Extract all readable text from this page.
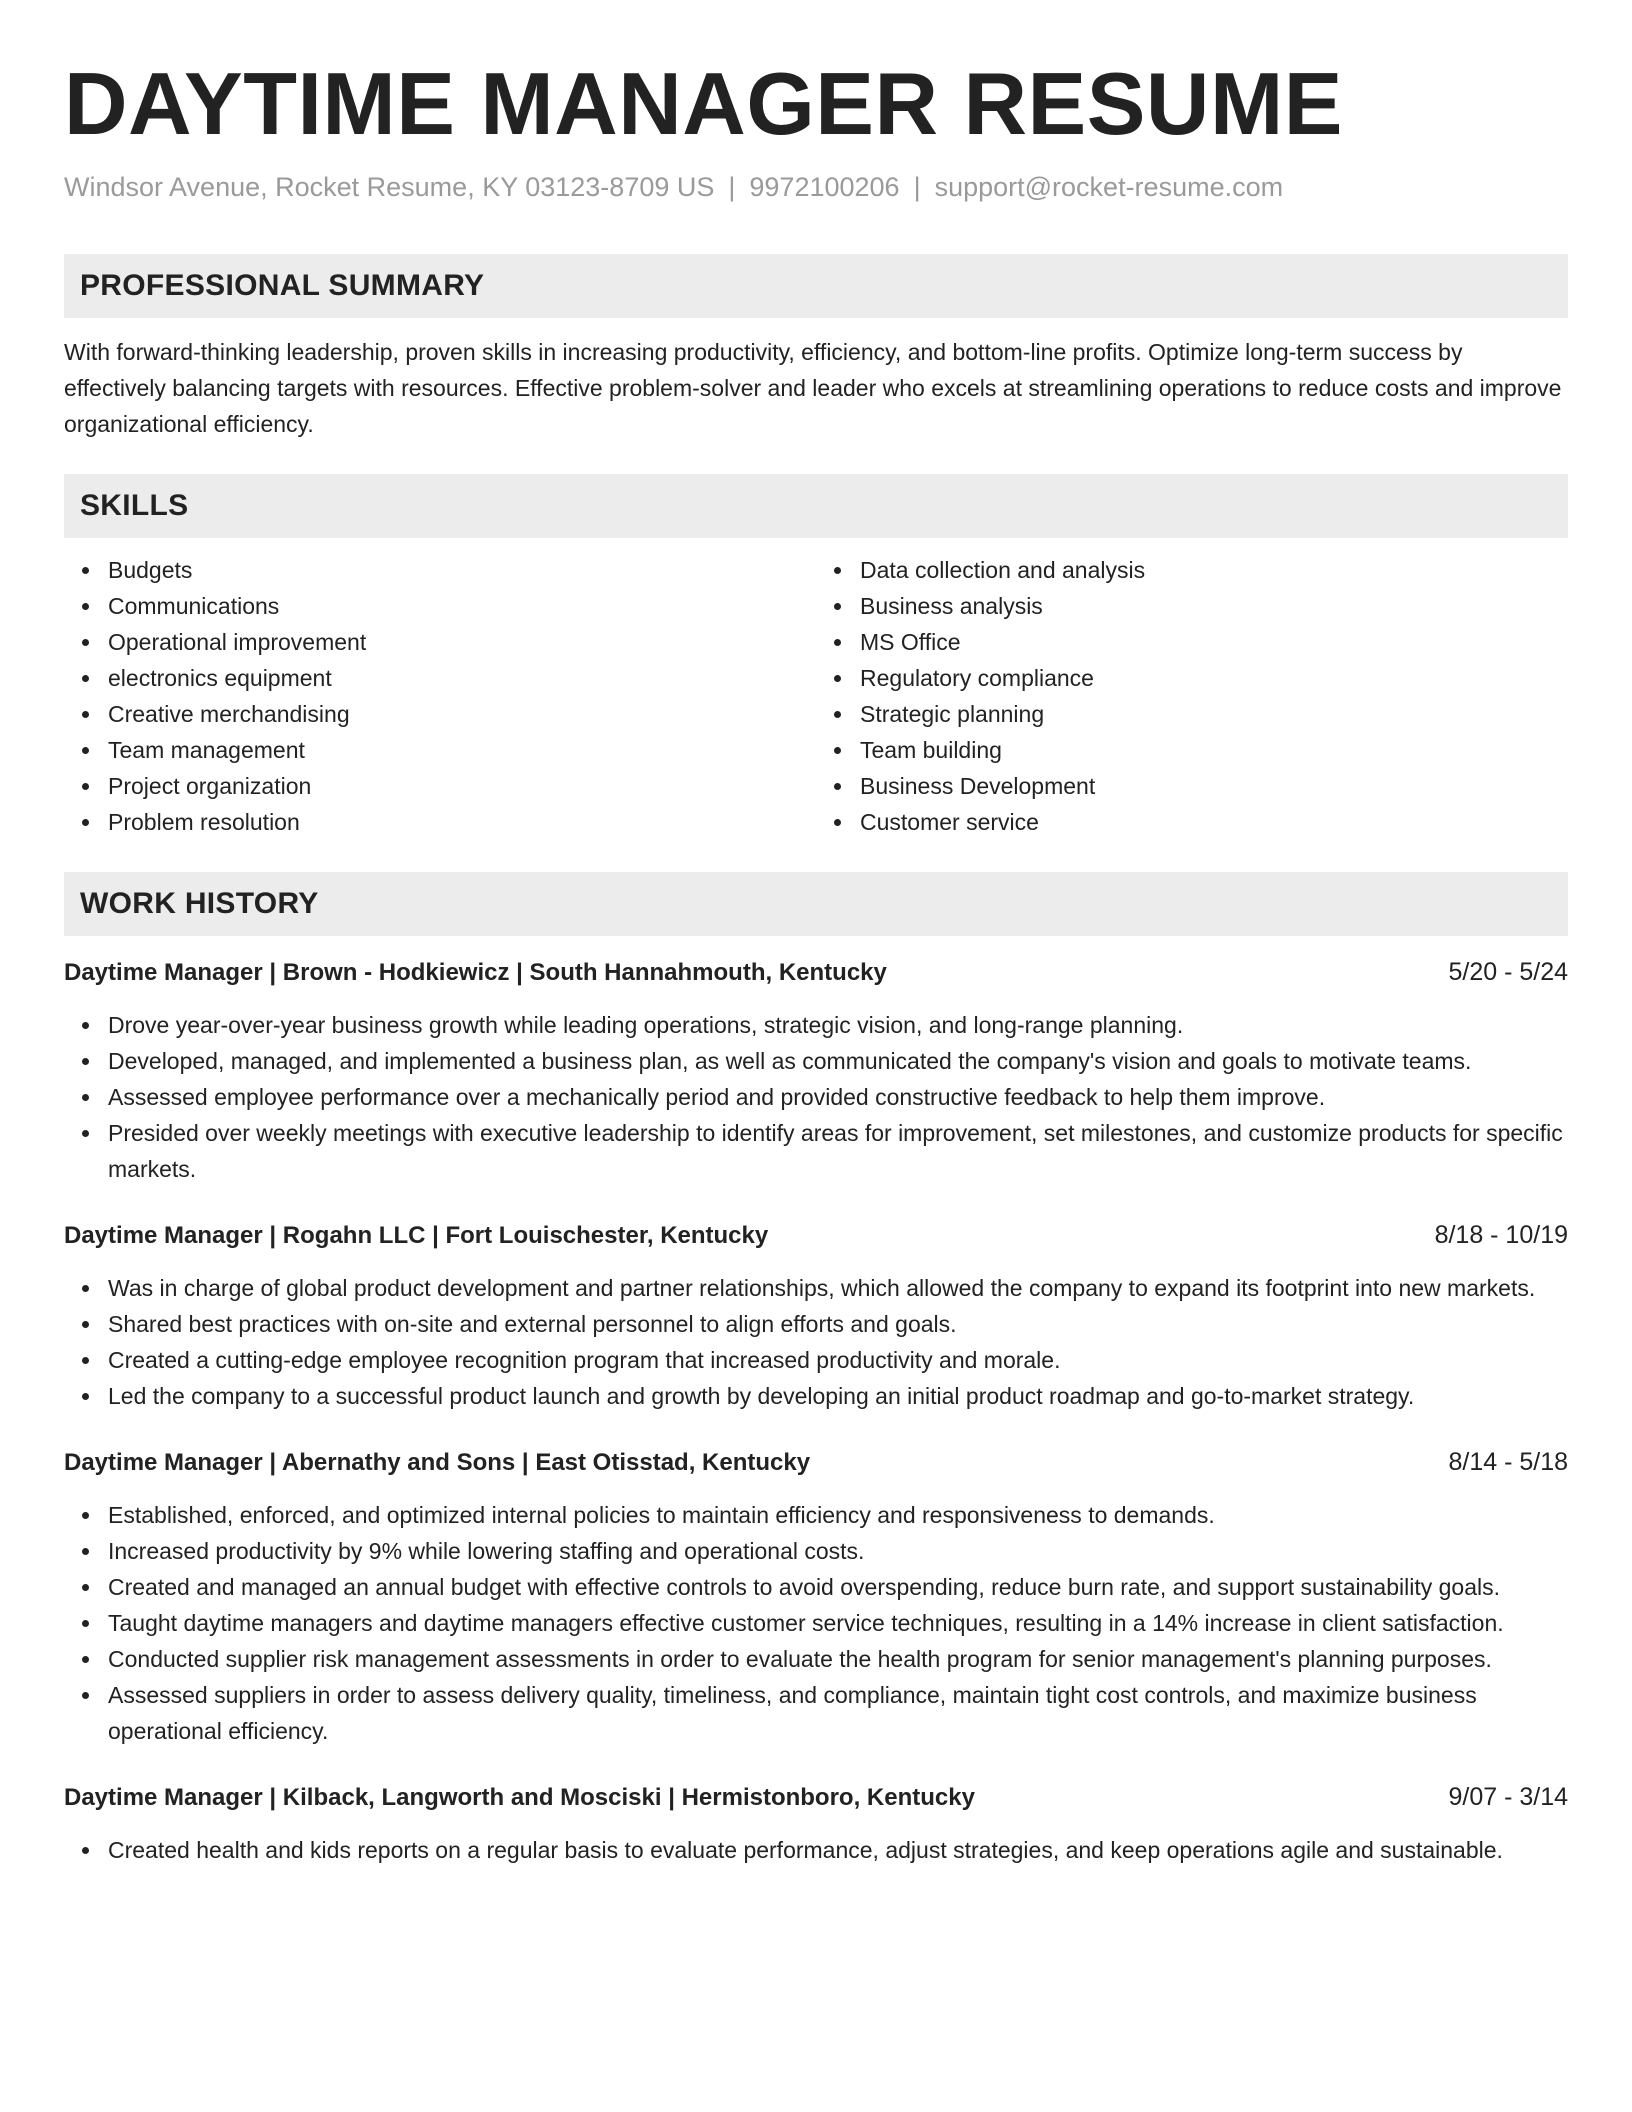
DAYTIME MANAGER RESUME
Windsor Avenue, Rocket Resume, KY 03123-8709 US | 9972100206 | support@rocket-resume.com
PROFESSIONAL SUMMARY
With forward-thinking leadership, proven skills in increasing productivity, efficiency, and bottom-line profits. Optimize long-term success by effectively balancing targets with resources. Effective problem-solver and leader who excels at streamlining operations to reduce costs and improve organizational efficiency.
SKILLS
Budgets
Communications
Operational improvement
electronics equipment
Creative merchandising
Team management
Project organization
Problem resolution
Data collection and analysis
Business analysis
MS Office
Regulatory compliance
Strategic planning
Team building
Business Development
Customer service
WORK HISTORY
Daytime Manager | Brown - Hodkiewicz | South Hannahmouth, Kentucky	5/20 - 5/24
Drove year-over-year business growth while leading operations, strategic vision, and long-range planning.
Developed, managed, and implemented a business plan, as well as communicated the company's vision and goals to motivate teams.
Assessed employee performance over a mechanically period and provided constructive feedback to help them improve.
Presided over weekly meetings with executive leadership to identify areas for improvement, set milestones, and customize products for specific markets.
Daytime Manager | Rogahn LLC | Fort Louischester, Kentucky	8/18 - 10/19
Was in charge of global product development and partner relationships, which allowed the company to expand its footprint into new markets.
Shared best practices with on-site and external personnel to align efforts and goals.
Created a cutting-edge employee recognition program that increased productivity and morale.
Led the company to a successful product launch and growth by developing an initial product roadmap and go-to-market strategy.
Daytime Manager | Abernathy and Sons | East Otisstad, Kentucky	8/14 - 5/18
Established, enforced, and optimized internal policies to maintain efficiency and responsiveness to demands.
Increased productivity by 9% while lowering staffing and operational costs.
Created and managed an annual budget with effective controls to avoid overspending, reduce burn rate, and support sustainability goals.
Taught daytime managers and daytime managers effective customer service techniques, resulting in a 14% increase in client satisfaction.
Conducted supplier risk management assessments in order to evaluate the health program for senior management's planning purposes.
Assessed suppliers in order to assess delivery quality, timeliness, and compliance, maintain tight cost controls, and maximize business operational efficiency.
Daytime Manager | Kilback, Langworth and Mosciski | Hermistonboro, Kentucky	9/07 - 3/14
Created health and kids reports on a regular basis to evaluate performance, adjust strategies, and keep operations agile and sustainable.
